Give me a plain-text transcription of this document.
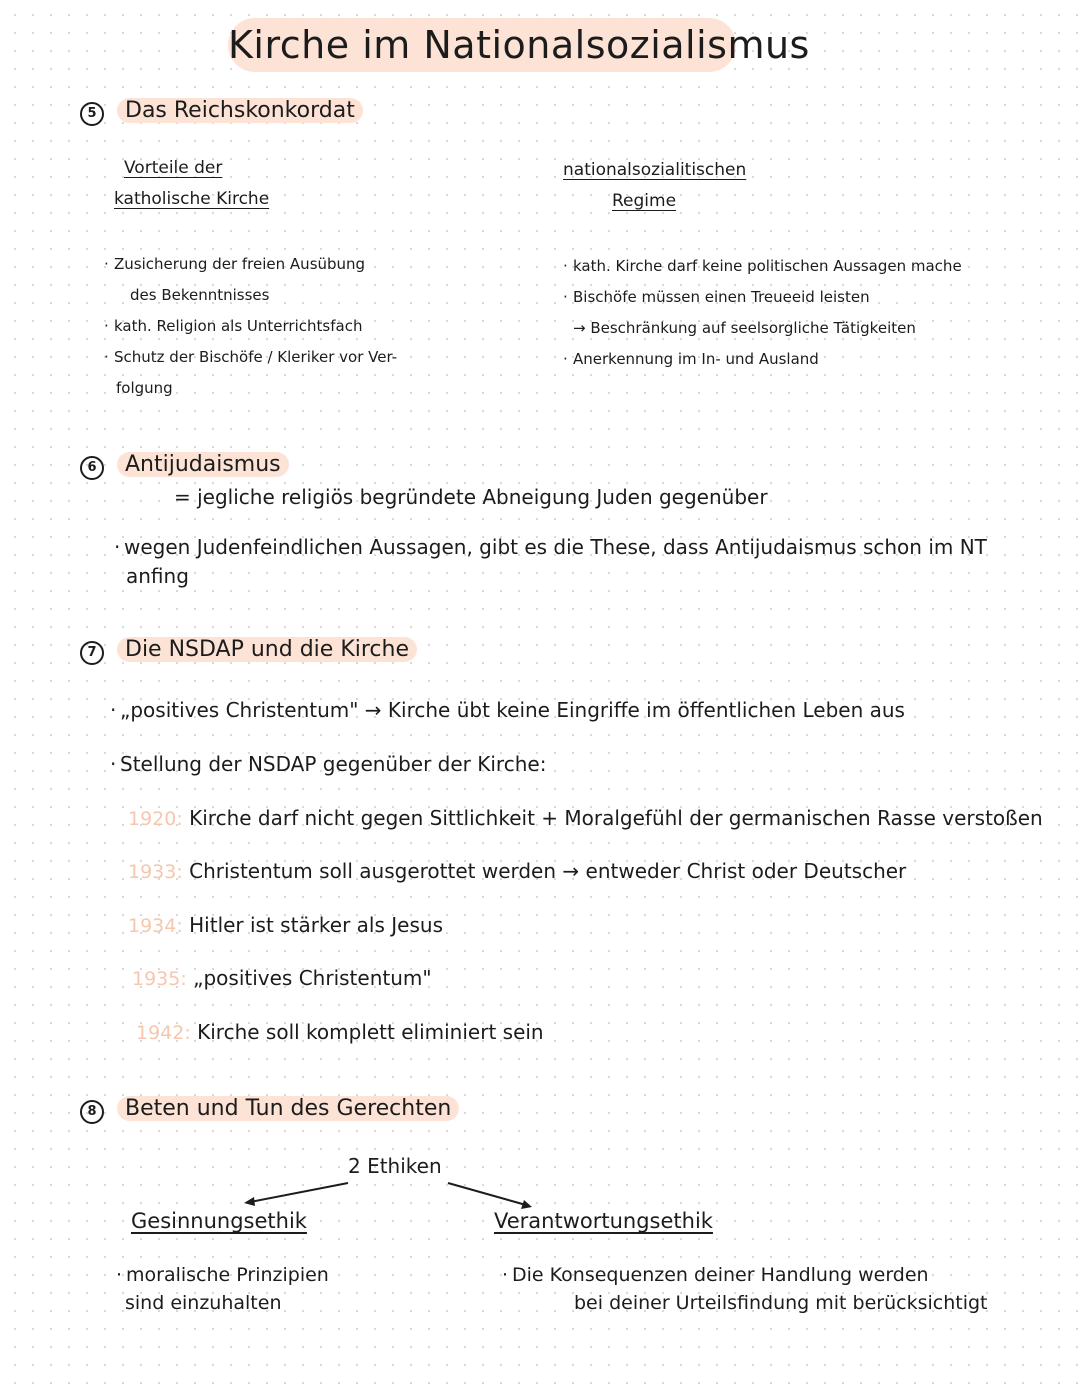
Kirche im Nationalsozialismus
5 Das Reichskonkordat
Vorteile der
katholische Kirche
nationalsozialitischen
Regime
· Zusicherung der freien Ausübung
des Bekenntnisses
· kath. Religion als Unterrichtsfach
· Schutz der Bischöfe / Kleriker vor Ver-
folgung
· kath. Kirche darf keine politischen Aussagen mache
· Bischöfe müssen einen Treueeid leisten
→ Beschränkung auf seelsorgliche Tätigkeiten
· Anerkennung im In- und Ausland
6 Antijudaismus
= jegliche religiös begründete Abneigung Juden gegenüber
· wegen Judenfeindlichen Aussagen, gibt es die These, dass Antijudaismus schon im NT
anfing
7 Die NSDAP und die Kirche
· „positives Christentum" → Kirche übt keine Eingriffe im öffentlichen Leben aus
· Stellung der NSDAP gegenüber der Kirche:
1920: Kirche darf nicht gegen Sittlichkeit + Moralgefühl der germanischen Rasse verstoßen
1933: Christentum soll ausgerottet werden → entweder Christ oder Deutscher
1934: Hitler ist stärker als Jesus
1935: „positives Christentum"
1942: Kirche soll komplett eliminiert sein
8 Beten und Tun des Gerechten
2 Ethiken
Gesinnungsethik	Verantwortungsethik
· moralische Prinzipien
sind einzuhalten
· Die Konsequenzen deiner Handlung werden
bei deiner Urteilsfindung mit berücksichtigt
